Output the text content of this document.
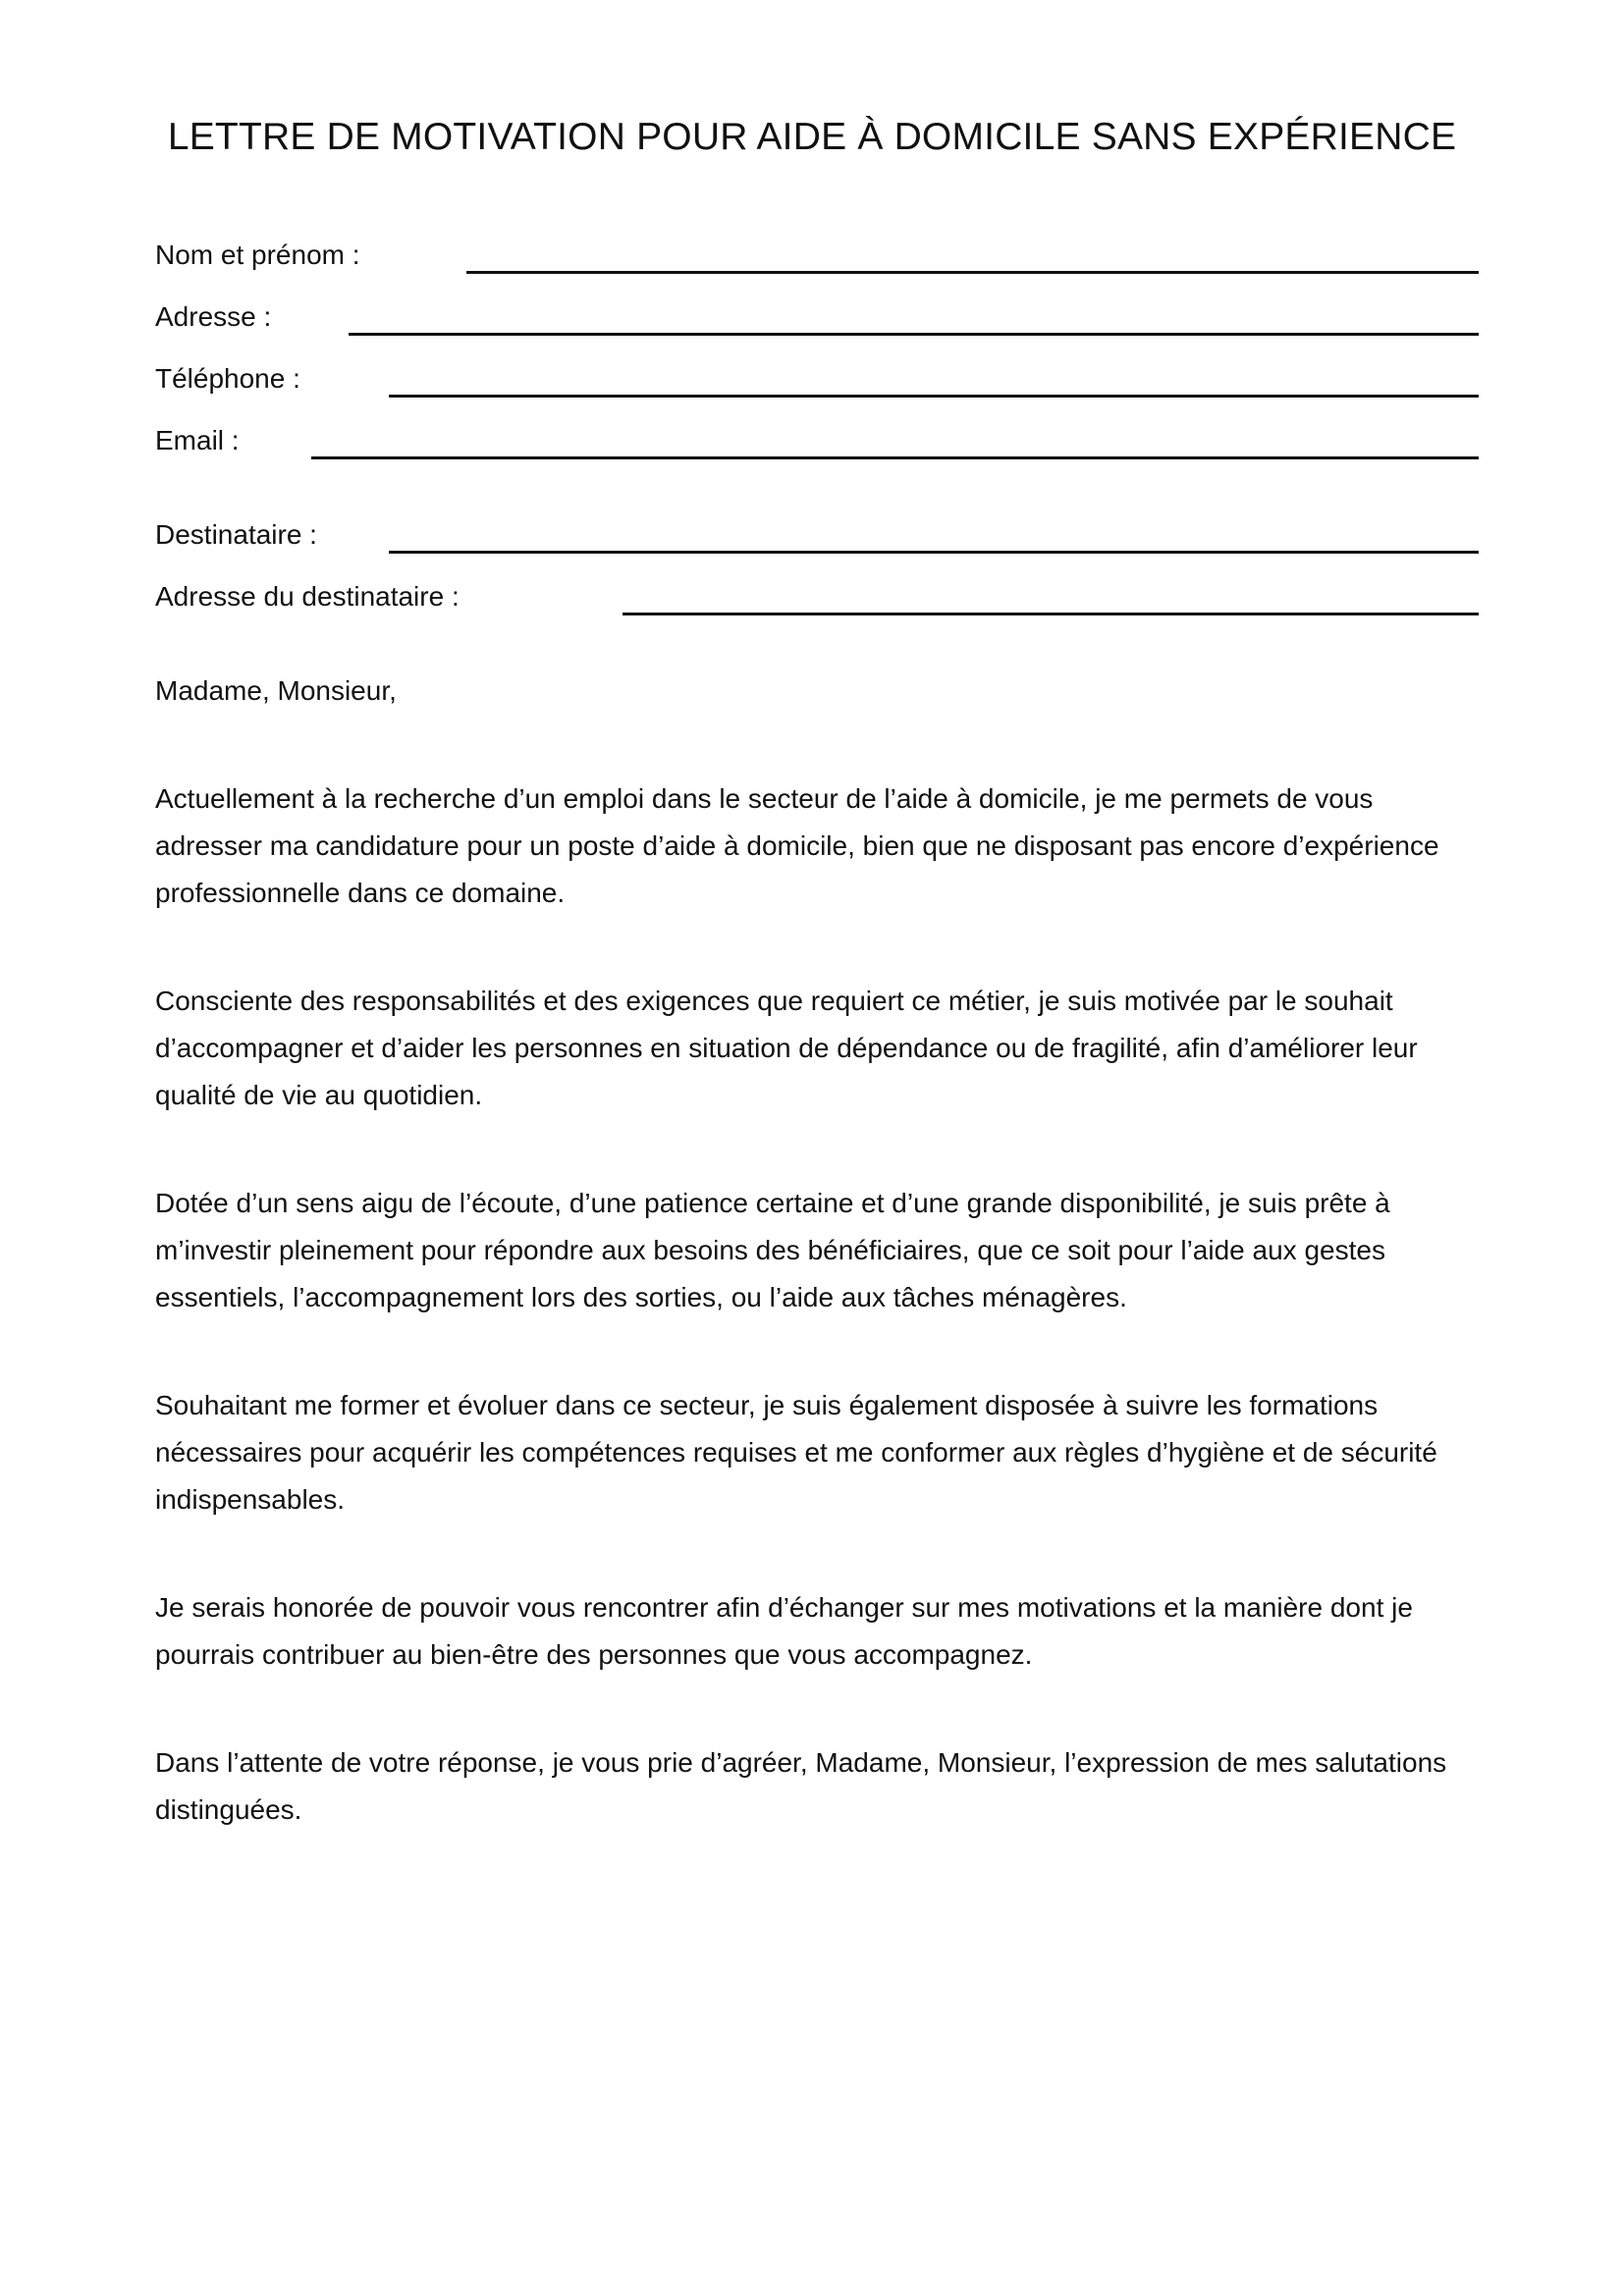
LETTRE DE MOTIVATION POUR AIDE À DOMICILE SANS EXPÉRIENCE
Nom et prénom :
Adresse :
Téléphone :
Email :
Destinataire :
Adresse du destinataire :

Madame, Monsieur,

Actuellement à la recherche d’un emploi dans le secteur de l’aide à domicile, je me permets de vous adresser ma candidature pour un poste d’aide à domicile, bien que ne disposant pas encore d’expérience professionnelle dans ce domaine.

Consciente des responsabilités et des exigences que requiert ce métier, je suis motivée par le souhait d’accompagner et d’aider les personnes en situation de dépendance ou de fragilité, afin d’améliorer leur qualité de vie au quotidien.

Dotée d’un sens aigu de l’écoute, d’une patience certaine et d’une grande disponibilité, je suis prête à m’investir pleinement pour répondre aux besoins des bénéficiaires, que ce soit pour l’aide aux gestes essentiels, l’accompagnement lors des sorties, ou l’aide aux tâches ménagères.

Souhaitant me former et évoluer dans ce secteur, je suis également disposée à suivre les formations nécessaires pour acquérir les compétences requises et me conformer aux règles d’hygiène et de sécurité indispensables.

Je serais honorée de pouvoir vous rencontrer afin d’échanger sur mes motivations et la manière dont je pourrais contribuer au bien-être des personnes que vous accompagnez.

Dans l’attente de votre réponse, je vous prie d’agréer, Madame, Monsieur, l’expression de mes salutations distinguées.
